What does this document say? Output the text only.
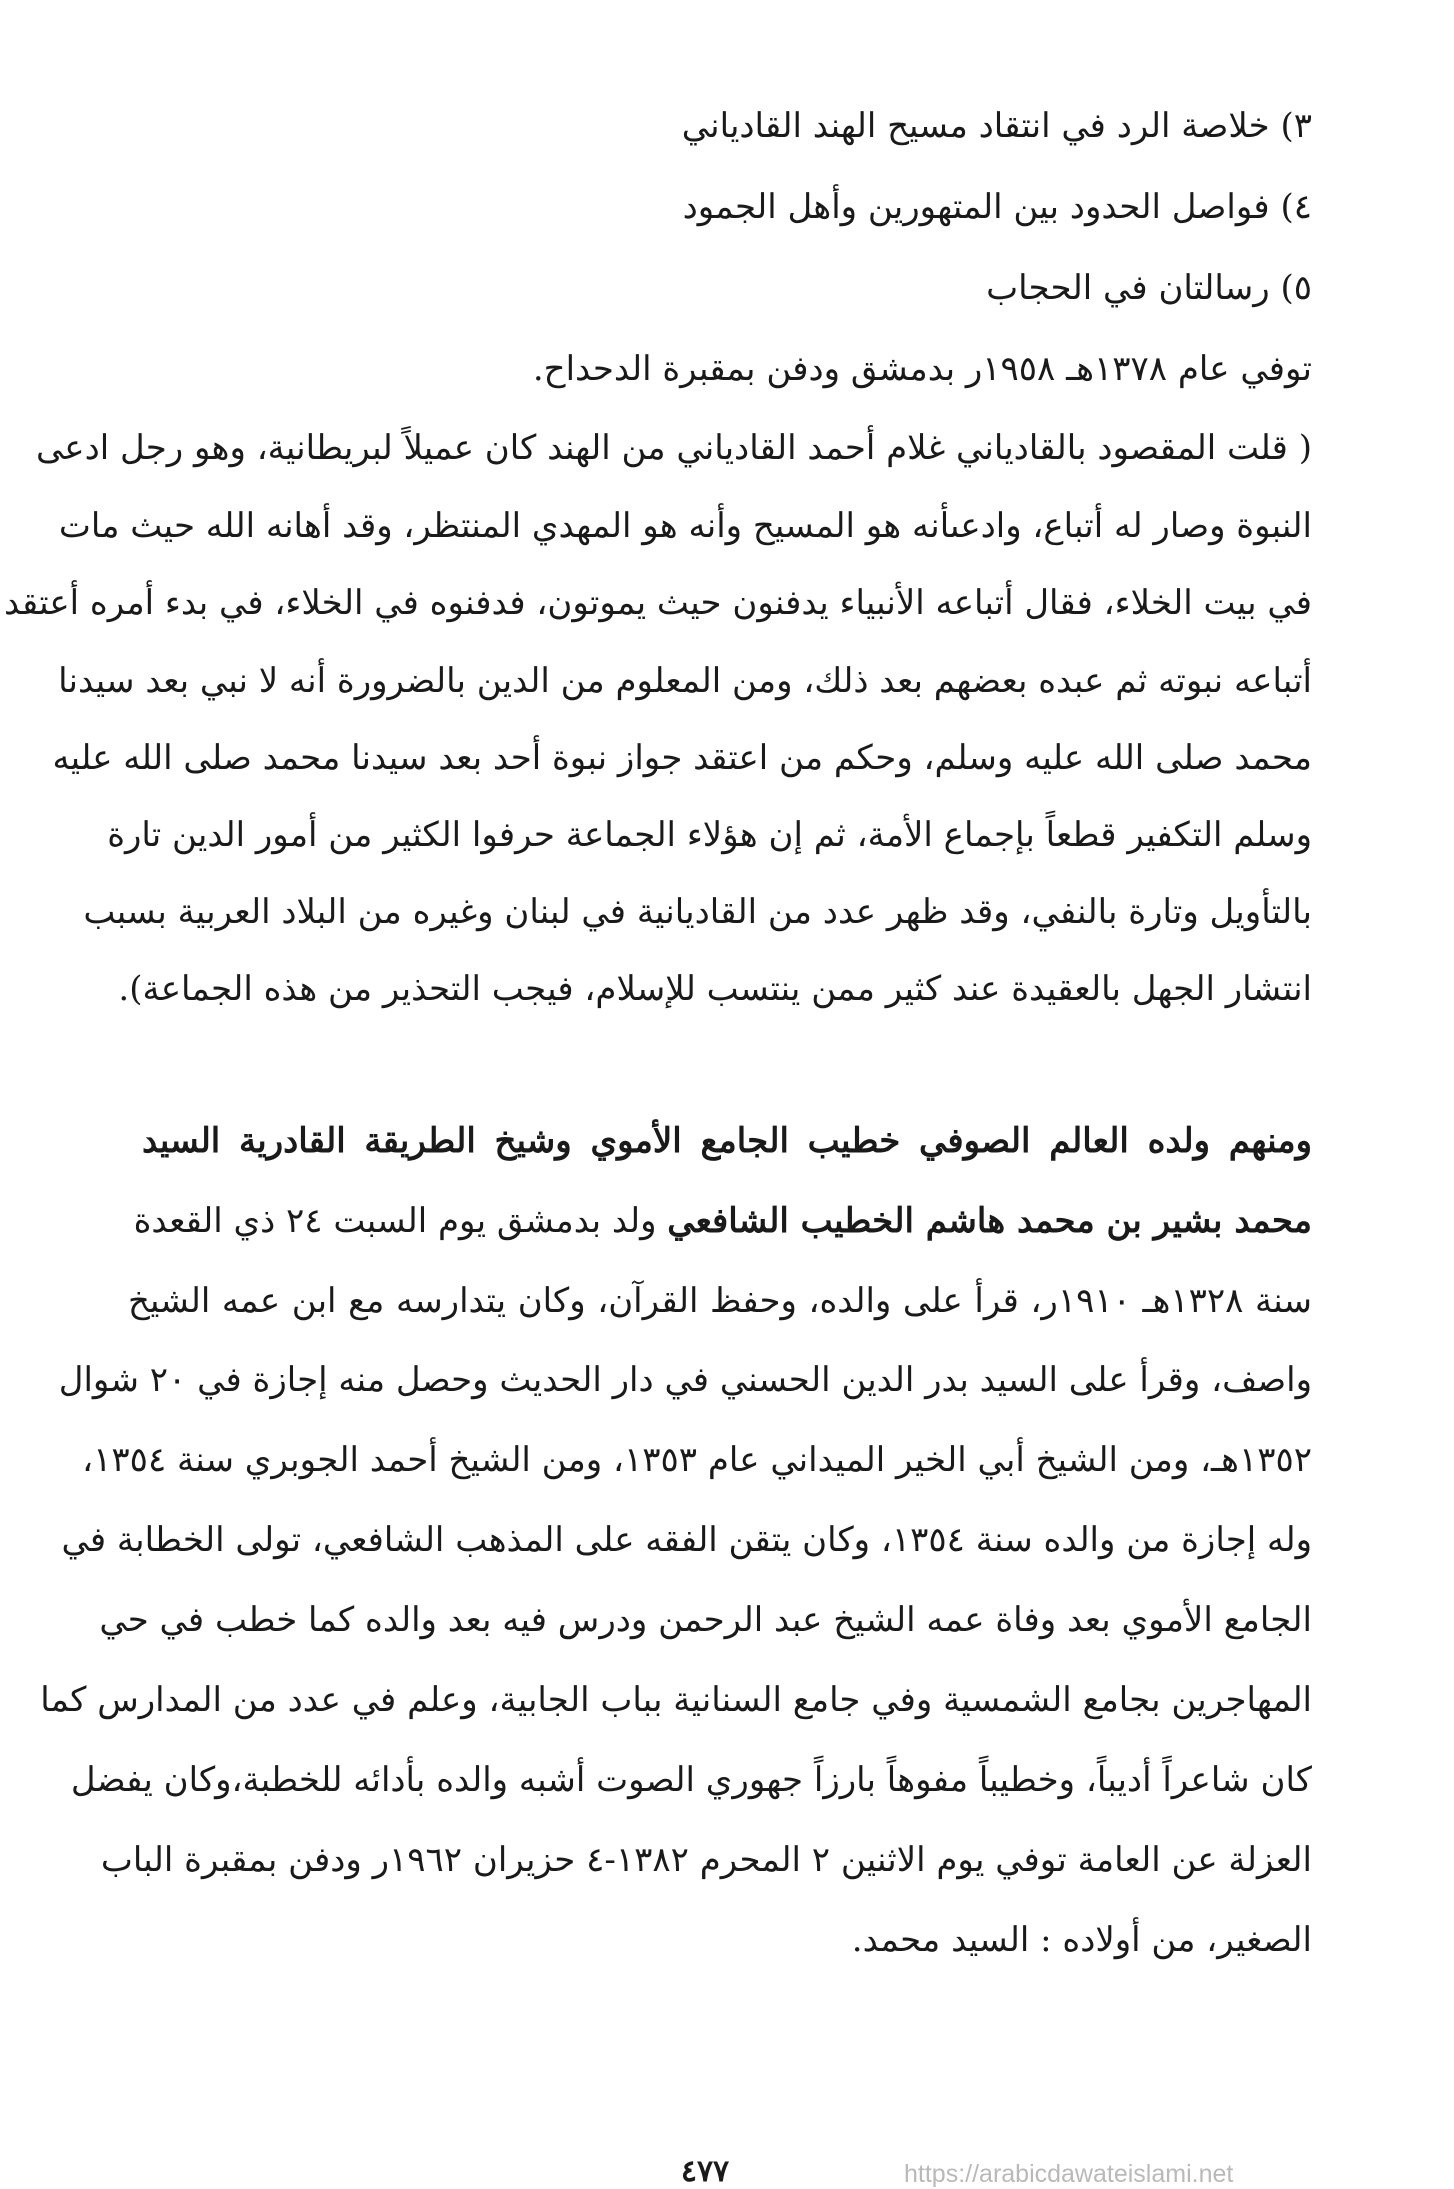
٣) خلاصة الرد في انتقاد مسيح الهند القادياني
٤) فواصل الحدود بين المتهورين وأهل الجمود
٥) رسالتان في الحجاب
توفي عام ١٣٧٨هـ ١٩٥٨ر بدمشق ودفن بمقبرة الدحداح.
( قلت المقصود بالقادياني غلام أحمد القادياني من الهند كان عميلاً لبريطانية، وهو رجل ادعى
النبوة وصار له أتباع، وادعىأنه هو المسيح وأنه هو المهدي المنتظر، وقد أهانه الله حيث مات
في بيت الخلاء، فقال أتباعه الأنبياء يدفنون حيث يموتون، فدفنوه في الخلاء، في بدء أمره أعتقد
أتباعه نبوته ثم عبده بعضهم بعد ذلك، ومن المعلوم من الدين بالضرورة أنه لا نبي بعد سيدنا
محمد صلى الله عليه وسلم، وحكم من اعتقد جواز نبوة أحد بعد سيدنا محمد صلى الله عليه
وسلم التكفير قطعاً بإجماع الأمة، ثم إن هؤلاء الجماعة حرفوا الكثير من أمور الدين تارة
بالتأويل وتارة بالنفي، وقد ظهر عدد من القاديانية في لبنان وغيره من البلاد العربية بسبب
انتشار الجهل بالعقيدة عند كثير ممن ينتسب للإسلام، فيجب التحذير من هذه الجماعة).
ومنهم ولده العالم الصوفي خطيب الجامع الأموي وشيخ الطريقة القادرية السيد
محمد بشير بن محمد هاشم الخطيب الشافعي ولد بدمشق يوم السبت ٢٤ ذي القعدة
سنة ١٣٢٨هـ ١٩١٠ر، قرأ على والده، وحفظ القرآن، وكان يتدارسه مع ابن عمه الشيخ
واصف، وقرأ على السيد بدر الدين الحسني في دار الحديث وحصل منه إجازة في ٢٠ شوال
١٣٥٢هـ، ومن الشيخ أبي الخير الميداني عام ١٣٥٣، ومن الشيخ أحمد الجوبري سنة ١٣٥٤،
وله إجازة من والده سنة ١٣٥٤، وكان يتقن الفقه على المذهب الشافعي، تولى الخطابة في
الجامع الأموي بعد وفاة عمه الشيخ عبد الرحمن ودرس فيه بعد والده كما خطب في حي
المهاجرين بجامع الشمسية وفي جامع السنانية بباب الجابية، وعلم في عدد من المدارس كما
كان شاعراً أديباً، وخطيباً مفوهاً بارزاً جهوري الصوت أشبه والده بأدائه للخطبة،وكان يفضل
العزلة عن العامة توفي يوم الاثنين ٢ المحرم ١٣٨٢-٤ حزيران ١٩٦٢ر ودفن بمقبرة الباب
الصغير، من أولاده : السيد محمد.
٤٧٧	https://arabicdawateislami.net
